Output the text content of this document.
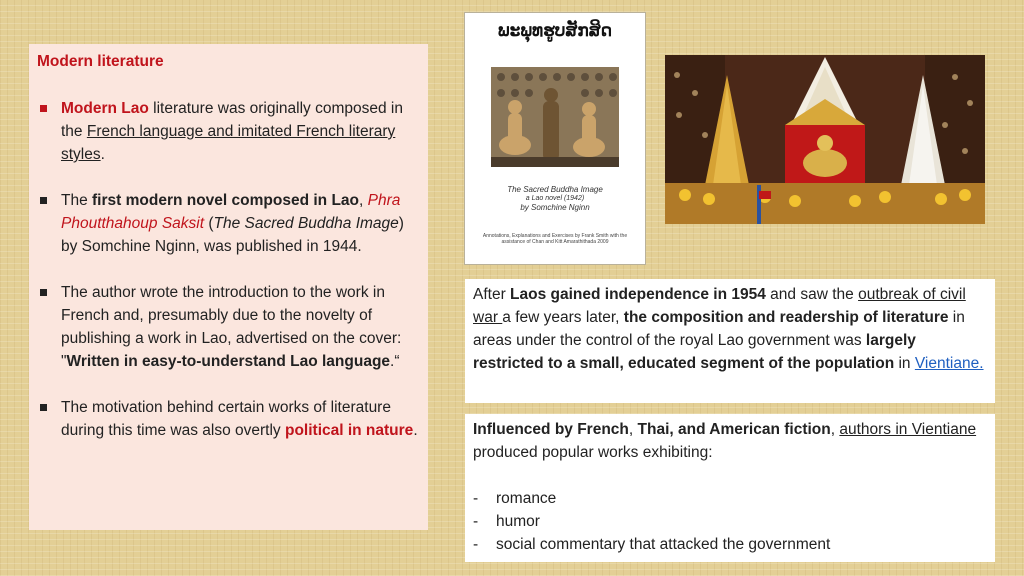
Modern literature
Modern Lao literature was originally composed in the French language and imitated French literary styles.
The first modern novel composed in Lao, Phra Phoutthahoup Saksit (The Sacred Buddha Image) by Somchine Nginn, was published in 1944.
The author wrote the introduction to the work in French and, presumably due to the novelty of publishing a work in Lao, advertised on the cover: "Written in easy-to-understand Lao language.“
The motivation behind certain works of literature during this time was also overtly political in nature.
ພະພຸທຮູບສັກສິດ
The Sacred Buddha Image
a Lao novel (1942)
by Somchine Nginn
Annotations, Explanations and Exercises by Frank Smith with the assistance of Chan and Kitt Amarathithada 2009
After Laos gained independence in 1954 and saw the outbreak of civil war a few years later, the composition and readership of literature in areas under the control of the royal Lao government was largely restricted to a small, educated segment of the population in Vientiane.
Influenced by French, Thai, and American fiction, authors in Vientiane produced popular works exhibiting:
-	romance
-	humor
-	social commentary that attacked the government
